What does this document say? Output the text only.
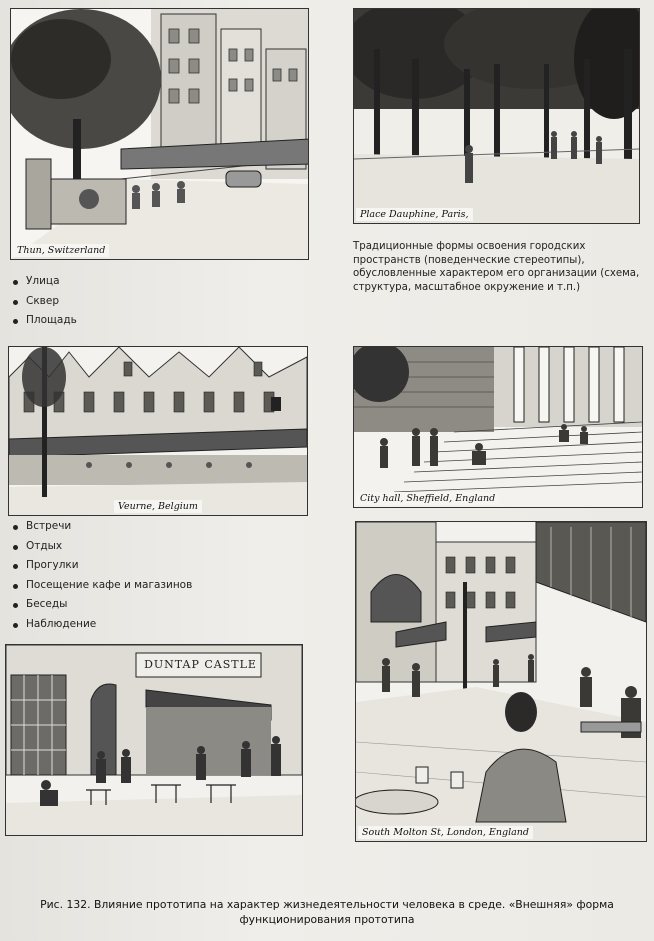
Thun, Switzerland
Place Dauphine, Paris,
Традиционные формы освоения городских пространств (поведенческие стереотипы), обусловленные характером его организации (схема, структура, масштабное окружение и т.п.)
Улица
Сквер
Площадь
Veurne, Belgium
City hall, Sheffield, England
Встречи
Отдых
Прогулки
Посещение кафе и магазинов
Беседы
Наблюдение
DUNTAP CASTLE
South Molton St, London, England
Рис. 132. Влияние прототипа на характер жизнедеятельности человека в среде. «Внешняя» форма
функционирования прототипа
